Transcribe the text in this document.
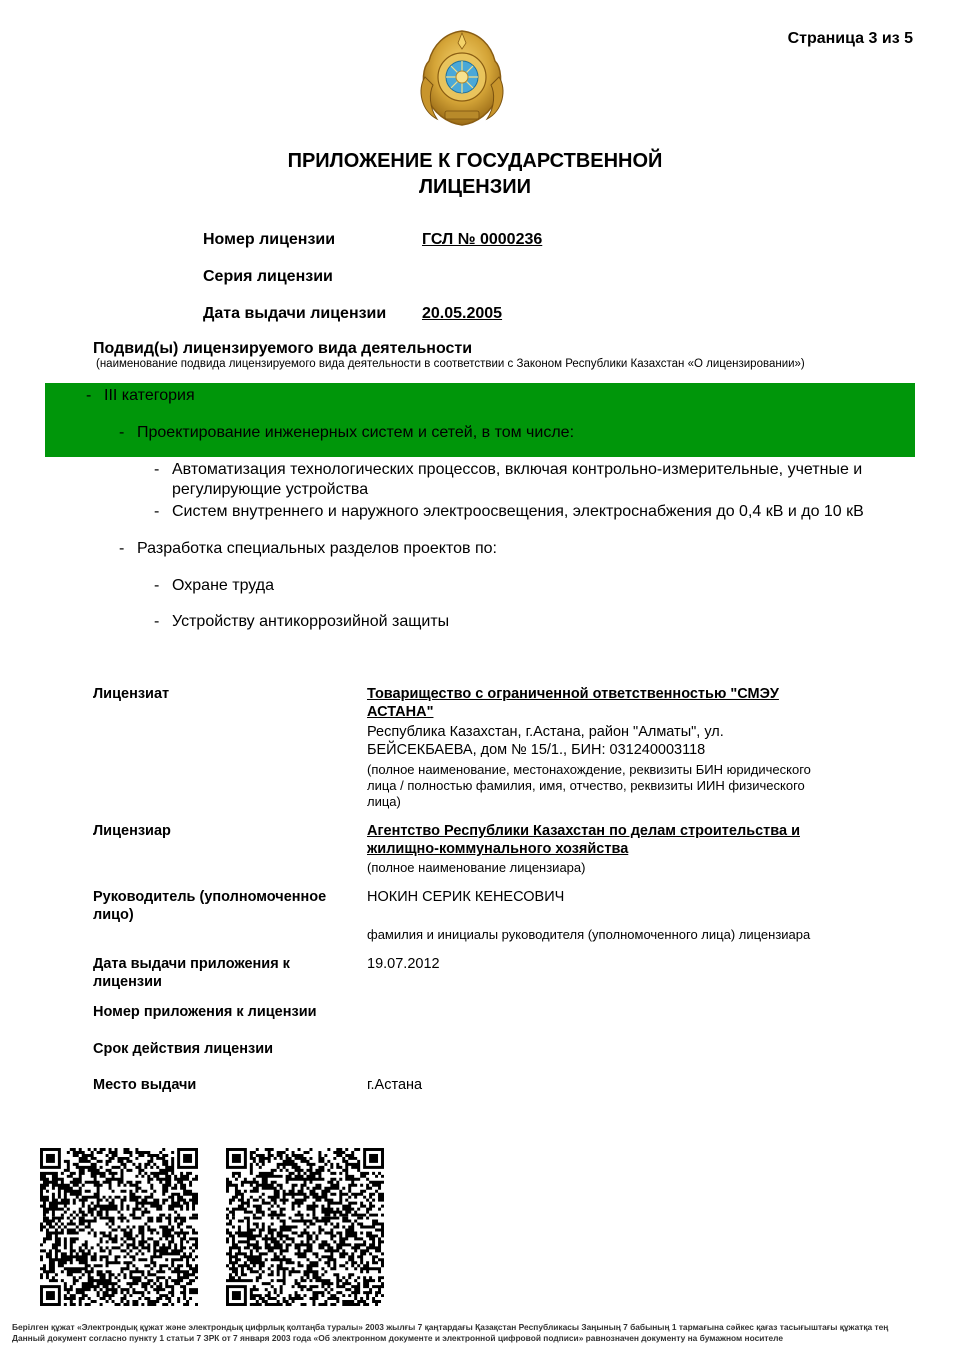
Страница 3 из 5
ПРИЛОЖЕНИЕ К ГОСУДАРСТВЕННОЙ
ЛИЦЕНЗИИ
Номер лицензии	ГСЛ № 0000236
Серия лицензии
Дата выдачи лицензии 20.05.2005
Подвид(ы) лицензируемого вида деятельности
(наименование подвида лицензируемого вида деятельности в соответствии с Законом Республики Казахстан «О лицензировании»)
- III категория
- Проектирование инженерных систем и сетей, в том числе:
- Автоматизация технологических процессов, включая контрольно-измерительные, учетные и
регулирующие устройства
- Систем внутреннего и наружного электроосвещения, электроснабжения до 0,4 кВ и до 10 кВ
- Разработка специальных разделов проектов по:
- Охране труда
- Устройству антикоррозийной защиты
Лицензиат	Товарищество с ограниченной ответственностью "СМЭУ
АСТАНА"
Республика Казахстан, г.Астана, район "Алматы", ул.
БЕЙСЕКБАЕВА, дом № 15/1., БИН: 031240003118
(полное наименование, местонахождение, реквизиты БИН юридического
лица / полностью фамилия, имя, отчество, реквизиты ИИН физического
лица)
Лицензиар	Агентство Республики Казахстан по делам строительства и
жилищно-коммунального хозяйства
(полное наименование лицензиара)
Руководитель (уполномоченное
лицо)
НОКИН СЕРИК КЕНЕСОВИЧ
фамилия и инициалы руководителя (уполномоченного лица) лицензиара
Дата выдачи приложения к
лицензии
19.07.2012
Номер приложения к лицензии
Срок действия лицензии
Место выдачи	г.Астана
Берілген құжат «Электрондық құжат және электрондық цифрлық қолтаңба туралы» 2003 жылғы 7 қаңтардағы Қазақстан Республикасы Заңының 7 бабының 1 тармағына сәйкес қағаз тасығыштағы құжатқа тең
Данный документ согласно пункту 1 статьи 7 ЗРК от 7 января 2003 года «Об электронном документе и электронной цифровой подписи» равнозначен документу на бумажном носителе
